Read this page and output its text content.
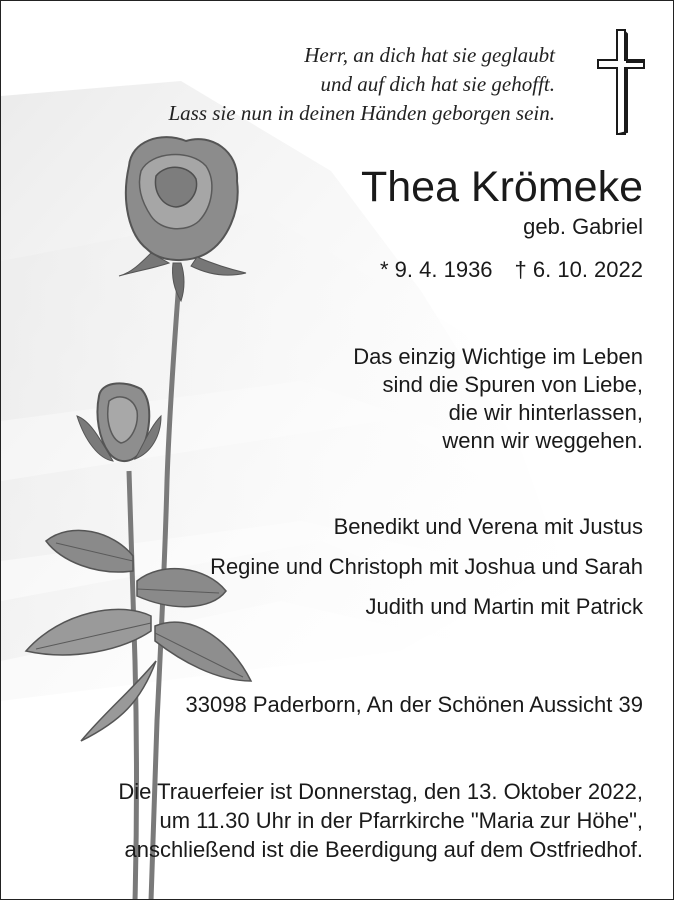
Herr, an dich hat sie geglaubt
und auf dich hat sie gehofft.
Lass sie nun in deinen Händen geborgen sein.
Thea Krömeke
geb. Gabriel
* 9. 4. 1936 † 6. 10. 2022
Das einzig Wichtige im Leben
sind die Spuren von Liebe,
die wir hinterlassen,
wenn wir weggehen.
Benedikt und Verena mit Justus
Regine und Christoph mit Joshua und Sarah
Judith und Martin mit Patrick
33098 Paderborn, An der Schönen Aussicht 39
Die Trauerfeier ist Donnerstag, den 13. Oktober 2022,
um 11.30 Uhr in der Pfarrkirche "Maria zur Höhe",
anschließend ist die Beerdigung auf dem Ostfriedhof.
